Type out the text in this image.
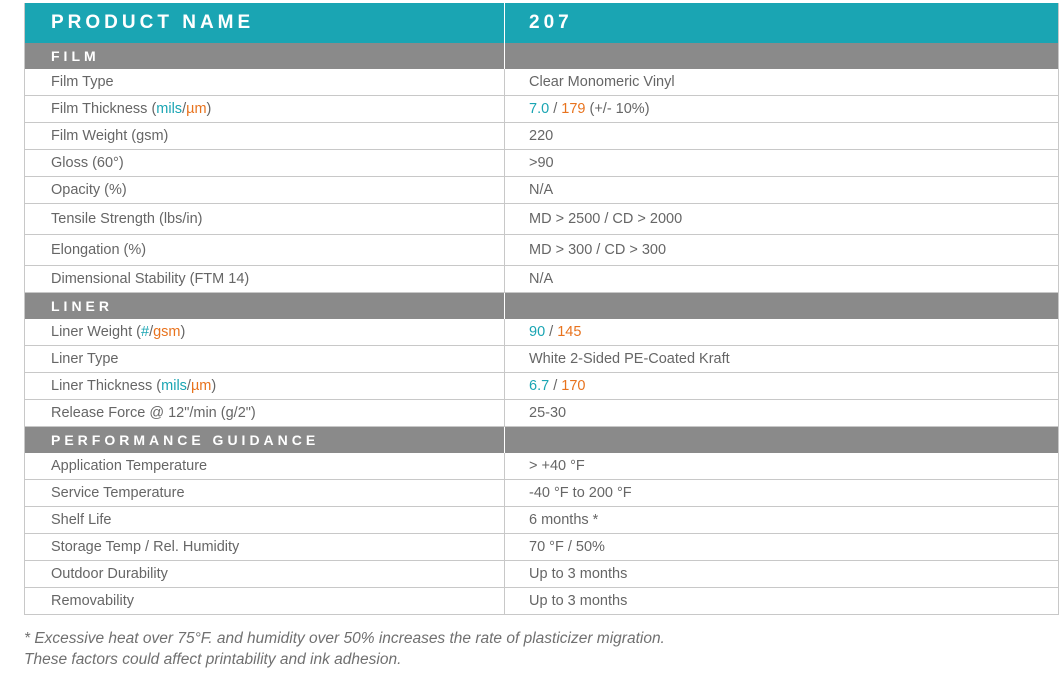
PRODUCT NAME	207
FILM	
Film Type	Clear Monomeric Vinyl
Film Thickness (mils/µm)	7.0 / 179 (+/- 10%)
Film Weight (gsm)	220
Gloss (60°)	>90
Opacity (%)	N/A
Tensile Strength (lbs/in)	MD > 2500 / CD > 2000
Elongation (%)	MD > 300 / CD > 300
Dimensional Stability (FTM 14)	N/A
LINER	
Liner Weight (#/gsm)	90 / 145
Liner Type	White 2-Sided PE-Coated Kraft
Liner Thickness (mils/µm)	6.7 / 170
Release Force @ 12"/min (g/2")	25-30
PERFORMANCE GUIDANCE	
Application Temperature	> +40 °F
Service Temperature	-40 °F to 200 °F
Shelf Life	6 months *
Storage Temp / Rel. Humidity	70 °F / 50%
Outdoor Durability	Up to 3 months
Removability	Up to 3 months
* Excessive heat over 75°F. and humidity over 50% increases the rate of plasticizer migration.
These factors could affect printability and ink adhesion.
